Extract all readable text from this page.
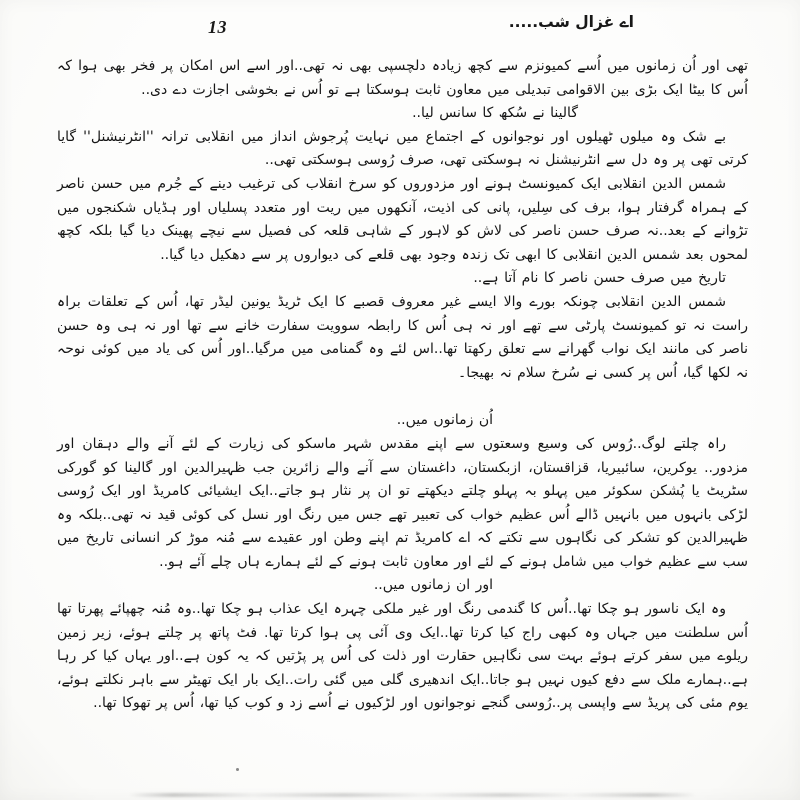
13	اے غزال شب.....

تھی اور اُن زمانوں میں اُسے کمیونزم سے کچھ زیادہ دلچسپی بھی نہ تھی..اور اسے اس امکان پر فخر بھی ہوا کہ اُس کا بیٹا ایک بڑی بین الاقوامی تبدیلی میں معاون ثابت ہوسکتا ہے تو اُس نے بخوشی اجازت دے دی..

گالینا نے سُکھ کا سانس لیا..

بے شک وہ میلوں ٹھیلوں اور نوجوانوں کے اجتماع میں نہایت پُرجوش انداز میں انقلابی ترانہ ''انٹرنیشنل'' گایا کرتی تھی پر وہ دل سے انٹرنیشنل نہ ہوسکتی تھی، صرف رُوسی ہوسکتی تھی..

شمس الدین انقلابی ایک کمیونسٹ ہونے اور مزدوروں کو سرخ انقلاب کی ترغیب دینے کے جُرم میں حسن ناصر کے ہمراہ گرفتار ہوا، برف کی سِلیں، پانی کی اذیت، آنکھوں میں ریت اور متعدد پسلیاں اور ہڈیاں شکنجوں میں تڑوانے کے بعد..نہ صرف حسن ناصر کی لاش کو لاہور کے شاہی قلعہ کی فصیل سے نیچے پھینک دیا گیا بلکہ کچھ لمحوں بعد شمس الدین انقلابی کا ابھی تک زندہ وجود بھی قلعے کی دیواروں پر سے دھکیل دیا گیا..

تاریخ میں صرف حسن ناصر کا نام آتا ہے..

شمس الدین انقلابی چونکہ بورے والا ایسے غیر معروف قصبے کا ایک ٹریڈ یونین لیڈر تھا، اُس کے تعلقات براہ راست نہ تو کمیونسٹ پارٹی سے تھے اور نہ ہی اُس کا رابطہ سوویت سفارت خانے سے تھا اور نہ ہی وہ حسن ناصر کی مانند ایک نواب گھرانے سے تعلق رکھتا تھا..اس لئے وہ گمنامی میں مرگیا..اور اُس کی یاد میں کوئی نوحہ نہ لکھا گیا، اُس پر کسی نے سُرخ سلام نہ بھیجا۔

اُن زمانوں میں..

راہ چلتے لوگ..رُوس کی وسیع وسعتوں سے اپنے مقدس شہر ماسکو کی زیارت کے لئے آنے والے دہقان اور مزدور.. یوکرین، سائبیریا، قزاقستان، ازبکستان، داغستان سے آنے والے زائرین جب ظہیرالدین اور گالینا کو گورکی سٹریٹ یا پُشکن سکوئر میں پہلو بہ پہلو چلتے دیکھتے تو ان پر نثار ہو جاتے..ایک ایشیائی کامریڈ اور ایک رُوسی لڑکی بانہوں میں بانہیں ڈالے اُس عظیم خواب کی تعبیر تھے جس میں رنگ اور نسل کی کوئی قید نہ تھی..بلکہ وہ ظہیرالدین کو تشکر کی نگاہوں سے تکتے کہ اے کامریڈ تم اپنے وطن اور عقیدے سے مُنہ موڑ کر انسانی تاریخ میں سب سے عظیم خواب میں شامل ہونے کے لئے اور معاون ثابت ہونے کے لئے ہمارے ہاں چلے آئے ہو..

اور ان زمانوں میں..

وہ ایک ناسور ہو چکا تھا..اُس کا گندمی رنگ اور غیر ملکی چہرہ ایک عذاب ہو چکا تھا..وہ مُنہ چھپائے پھرتا تھا اُس سلطنت میں جہاں وہ کبھی راج کیا کرتا تھا..ایک وی آئی پی ہوا کرتا تھا. فٹ پاتھ پر چلتے ہوئے، زیر زمین ریلوے میں سفر کرتے ہوئے بہت سی نگاہیں حقارت اور ذلت کی اُس پر پڑتیں کہ یہ کون ہے..اور یہاں کیا کر رہا ہے..ہمارے ملک سے دفع کیوں نہیں ہو جاتا..ایک اندھیری گلی میں گئی رات..ایک بار ایک تھیٹر سے باہر نکلتے ہوئے، یوم مئی کی پریڈ سے واپسی پر..رُوسی گنجے نوجوانوں اور لڑکیوں نے اُسے زد و کوب کیا تھا، اُس پر تھوکا تھا..
